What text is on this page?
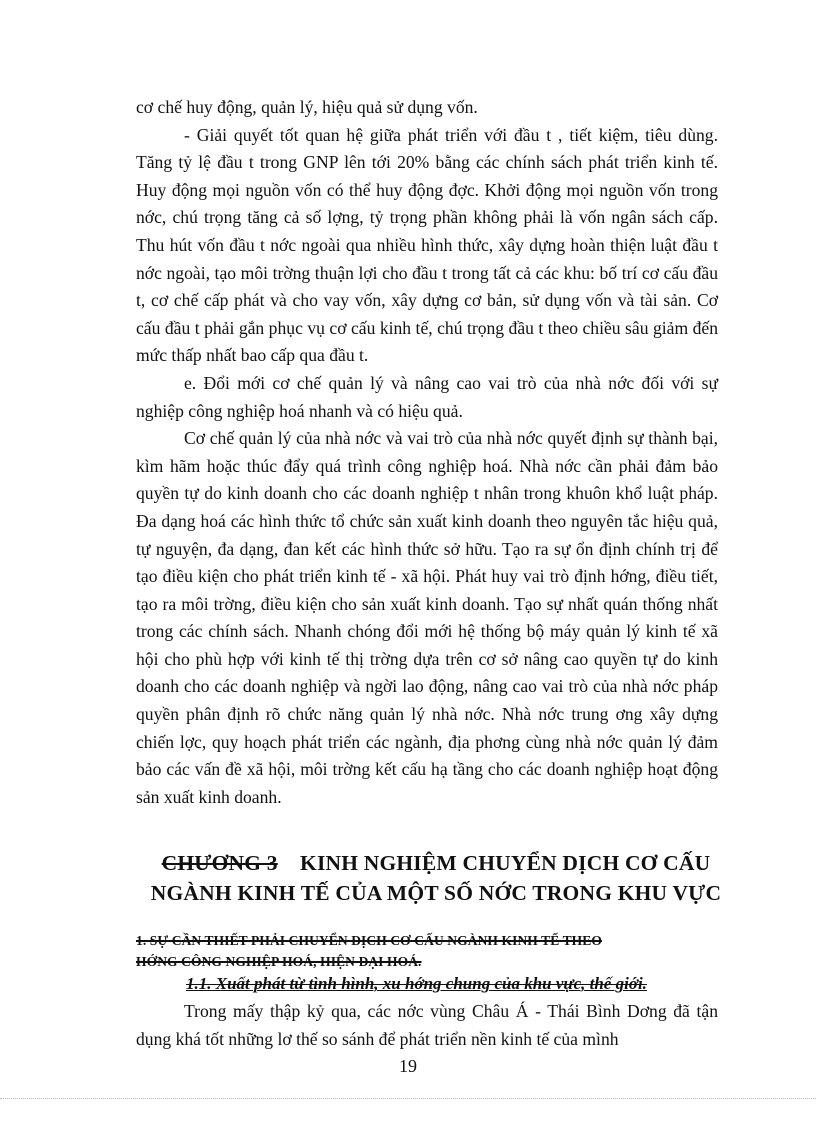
cơ chế huy động, quản lý, hiệu quả sử dụng vốn.

- Giải quyết tốt quan hệ giữa phát triển với đầu t , tiết kiệm, tiêu dùng. Tăng tỷ lệ đầu t trong GNP lên tới 20% bằng các chính sách phát triển kinh tế. Huy động mọi nguồn vốn có thể huy động đợc. Khởi động mọi nguồn vốn trong nớc, chú trọng tăng cả số lợng, tỷ trọng phần không phải là vốn ngân sách cấp. Thu hút vốn đầu t nớc ngoài qua nhiều hình thức, xây dựng hoàn thiện luật đầu t nớc ngoài, tạo môi trờng thuận lợi cho đầu t trong tất cả các khu: bố trí cơ cấu đầu t, cơ chế cấp phát và cho vay vốn, xây dựng cơ bản, sử dụng vốn và tài sản. Cơ cấu đầu t phải gắn phục vụ cơ cấu kinh tế, chú trọng đầu t theo chiều sâu giảm đến mức thấp nhất bao cấp qua đầu t.

e. Đổi mới cơ chế quản lý và nâng cao vai trò của nhà nớc đối với sự nghiệp công nghiệp hoá nhanh và có hiệu quả.

Cơ chế quản lý của nhà nớc và vai trò của nhà nớc quyết định sự thành bại, kìm hãm hoặc thúc đẩy quá trình công nghiệp hoá. Nhà nớc cần phải đảm bảo quyền tự do kinh doanh cho các doanh nghiệp t nhân trong khuôn khổ luật pháp. Đa dạng hoá các hình thức tổ chức sản xuất kinh doanh theo nguyên tắc hiệu quả, tự nguyện, đa dạng, đan kết các hình thức sở hữu. Tạo ra sự ổn định chính trị để tạo điều kiện cho phát triển kinh tế - xã hội. Phát huy vai trò định hớng, điều tiết, tạo ra môi trờng, điều kiện cho sản xuất kinh doanh. Tạo sự nhất quán thống nhất trong các chính sách. Nhanh chóng đổi mới hệ thống bộ máy quản lý kinh tế xã hội cho phù hợp với kinh tế thị trờng dựa trên cơ sở nâng cao quyền tự do kinh doanh cho các doanh nghiệp và ngời lao động, nâng cao vai trò của nhà nớc pháp quyền phân định rõ chức năng quản lý nhà nớc. Nhà nớc trung ơng xây dựng chiến lợc, quy hoạch phát triển các ngành, địa phơng cùng nhà nớc quản lý đảm bảo các vấn đề xã hội, môi trờng kết cấu hạ tầng cho các doanh nghiệp hoạt động sản xuất kinh doanh.

CHƯƠNG 3 KINH NGHIỆM CHUYỂN DỊCH CƠ CẤU
NGÀNH KINH TẾ CỦA MỘT SỐ NỚC TRONG KHU VỰC
1. SỰ CẦN THIẾT PHẢI CHUYỂN DỊCH CƠ CẤU NGÀNH KINH TẾ THEO
HỚNG CÔNG NGHIỆP HOÁ, HIỆN ĐẠI HOÁ.
1.1. Xuất phát từ tình hình, xu hớng chung của khu vực, thế giới.

Trong mấy thập kỷ qua, các nớc vùng Châu Á - Thái Bình Dơng đã tận dụng khá tốt những lơ thế so sánh để phát triển nền kinh tế của mình

19
